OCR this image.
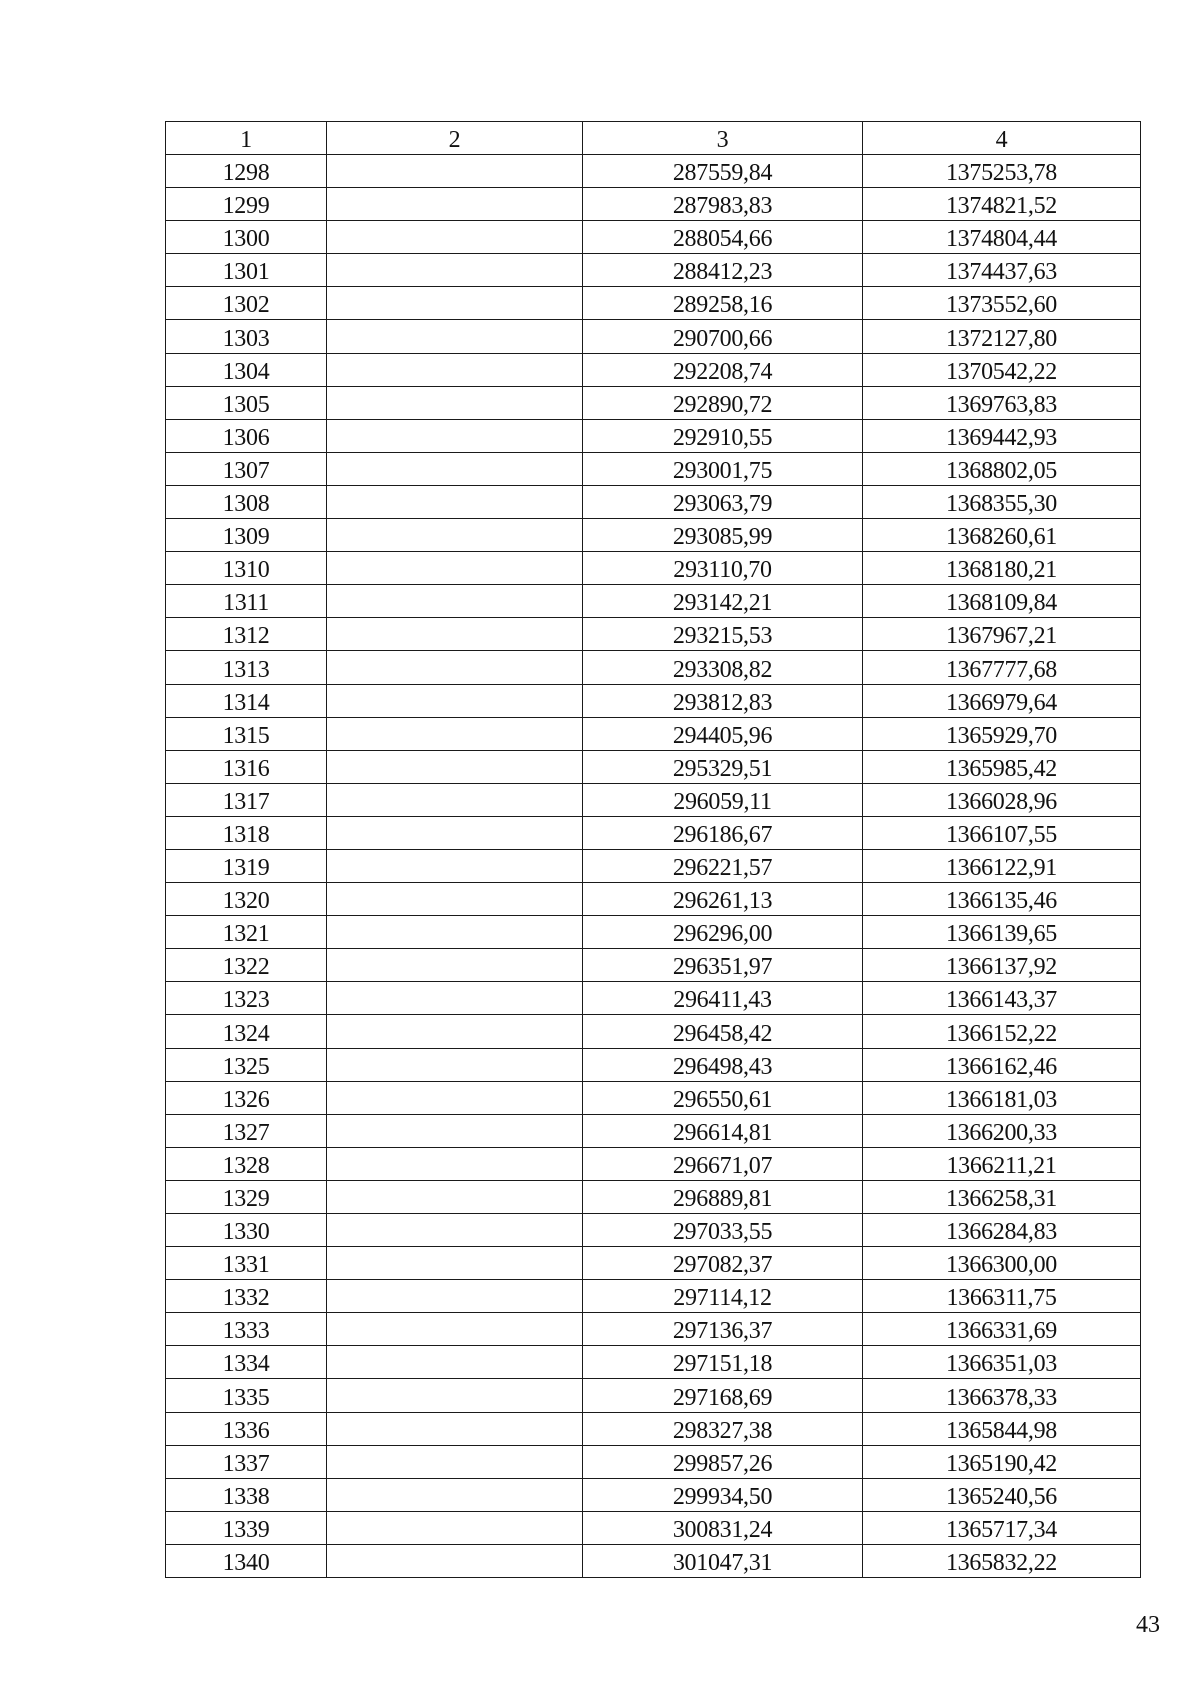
1	2	3	4
1298		287559,84	1375253,78
1299		287983,83	1374821,52
1300		288054,66	1374804,44
1301		288412,23	1374437,63
1302		289258,16	1373552,60
1303		290700,66	1372127,80
1304		292208,74	1370542,22
1305		292890,72	1369763,83
1306		292910,55	1369442,93
1307		293001,75	1368802,05
1308		293063,79	1368355,30
1309		293085,99	1368260,61
1310		293110,70	1368180,21
1311		293142,21	1368109,84
1312		293215,53	1367967,21
1313		293308,82	1367777,68
1314		293812,83	1366979,64
1315		294405,96	1365929,70
1316		295329,51	1365985,42
1317		296059,11	1366028,96
1318		296186,67	1366107,55
1319		296221,57	1366122,91
1320		296261,13	1366135,46
1321		296296,00	1366139,65
1322		296351,97	1366137,92
1323		296411,43	1366143,37
1324		296458,42	1366152,22
1325		296498,43	1366162,46
1326		296550,61	1366181,03
1327		296614,81	1366200,33
1328		296671,07	1366211,21
1329		296889,81	1366258,31
1330		297033,55	1366284,83
1331		297082,37	1366300,00
1332		297114,12	1366311,75
1333		297136,37	1366331,69
1334		297151,18	1366351,03
1335		297168,69	1366378,33
1336		298327,38	1365844,98
1337		299857,26	1365190,42
1338		299934,50	1365240,56
1339		300831,24	1365717,34
1340		301047,31	1365832,22
43
